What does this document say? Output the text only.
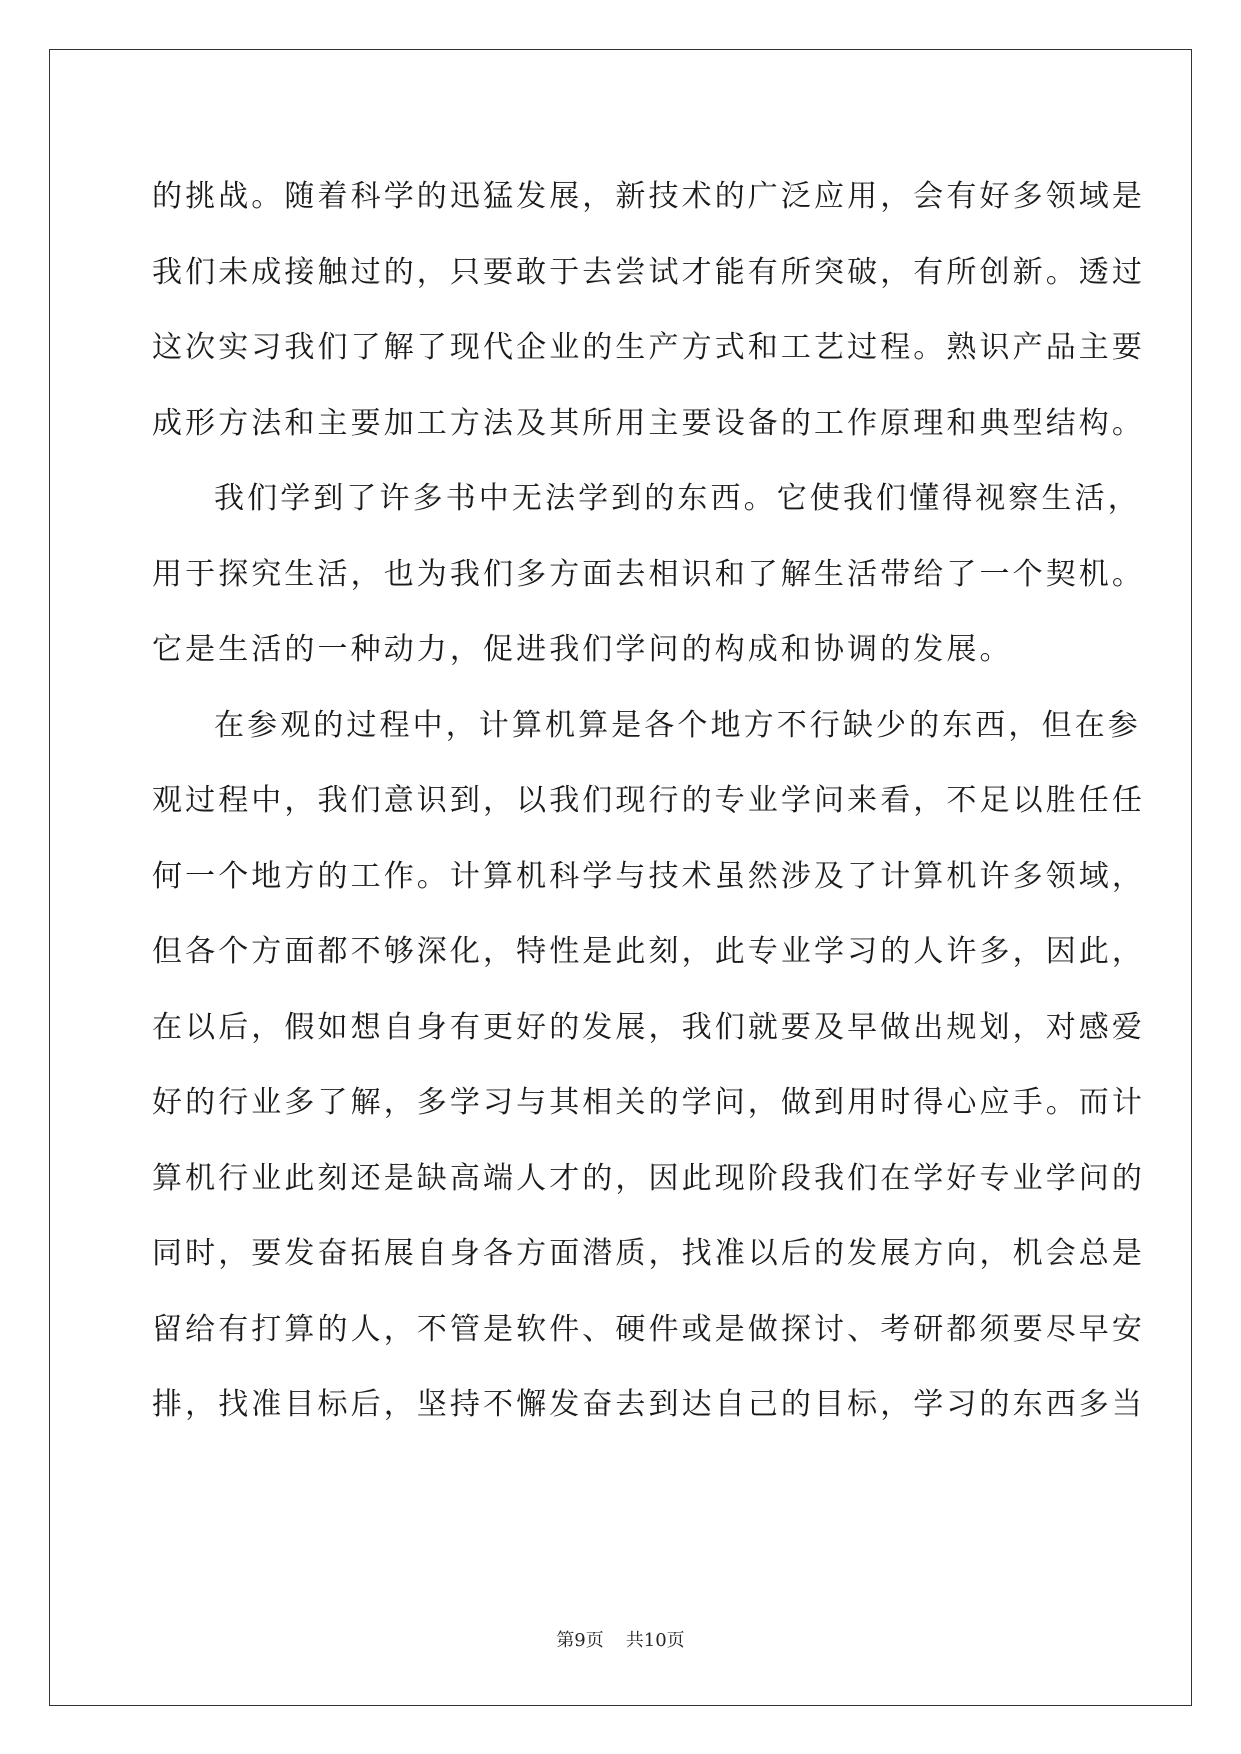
的挑战。随着科学的迅猛发展，新技术的广泛应用，会有好多领域是
我们未成接触过的，只要敢于去尝试才能有所突破，有所创新。透过
这次实习我们了解了现代企业的生产方式和工艺过程。熟识产品主要
成形方法和主要加工方法及其所用主要设备的工作原理和典型结构。
我们学到了许多书中无法学到的东西。它使我们懂得视察生活，
用于探究生活，也为我们多方面去相识和了解生活带给了一个契机。
它是生活的一种动力，促进我们学问的构成和协调的发展。
在参观的过程中，计算机算是各个地方不行缺少的东西，但在参
观过程中，我们意识到，以我们现行的专业学问来看，不足以胜任任
何一个地方的工作。计算机科学与技术虽然涉及了计算机许多领域，
但各个方面都不够深化，特性是此刻，此专业学习的人许多，因此，
在以后，假如想自身有更好的发展，我们就要及早做出规划，对感爱
好的行业多了解，多学习与其相关的学问，做到用时得心应手。而计
算机行业此刻还是缺高端人才的，因此现阶段我们在学好专业学问的
同时，要发奋拓展自身各方面潜质，找准以后的发展方向，机会总是
留给有打算的人，不管是软件、硬件或是做探讨、考研都须要尽早安
排，找准目标后，坚持不懈发奋去到达自己的目标，学习的东西多当
第9页 共10页
